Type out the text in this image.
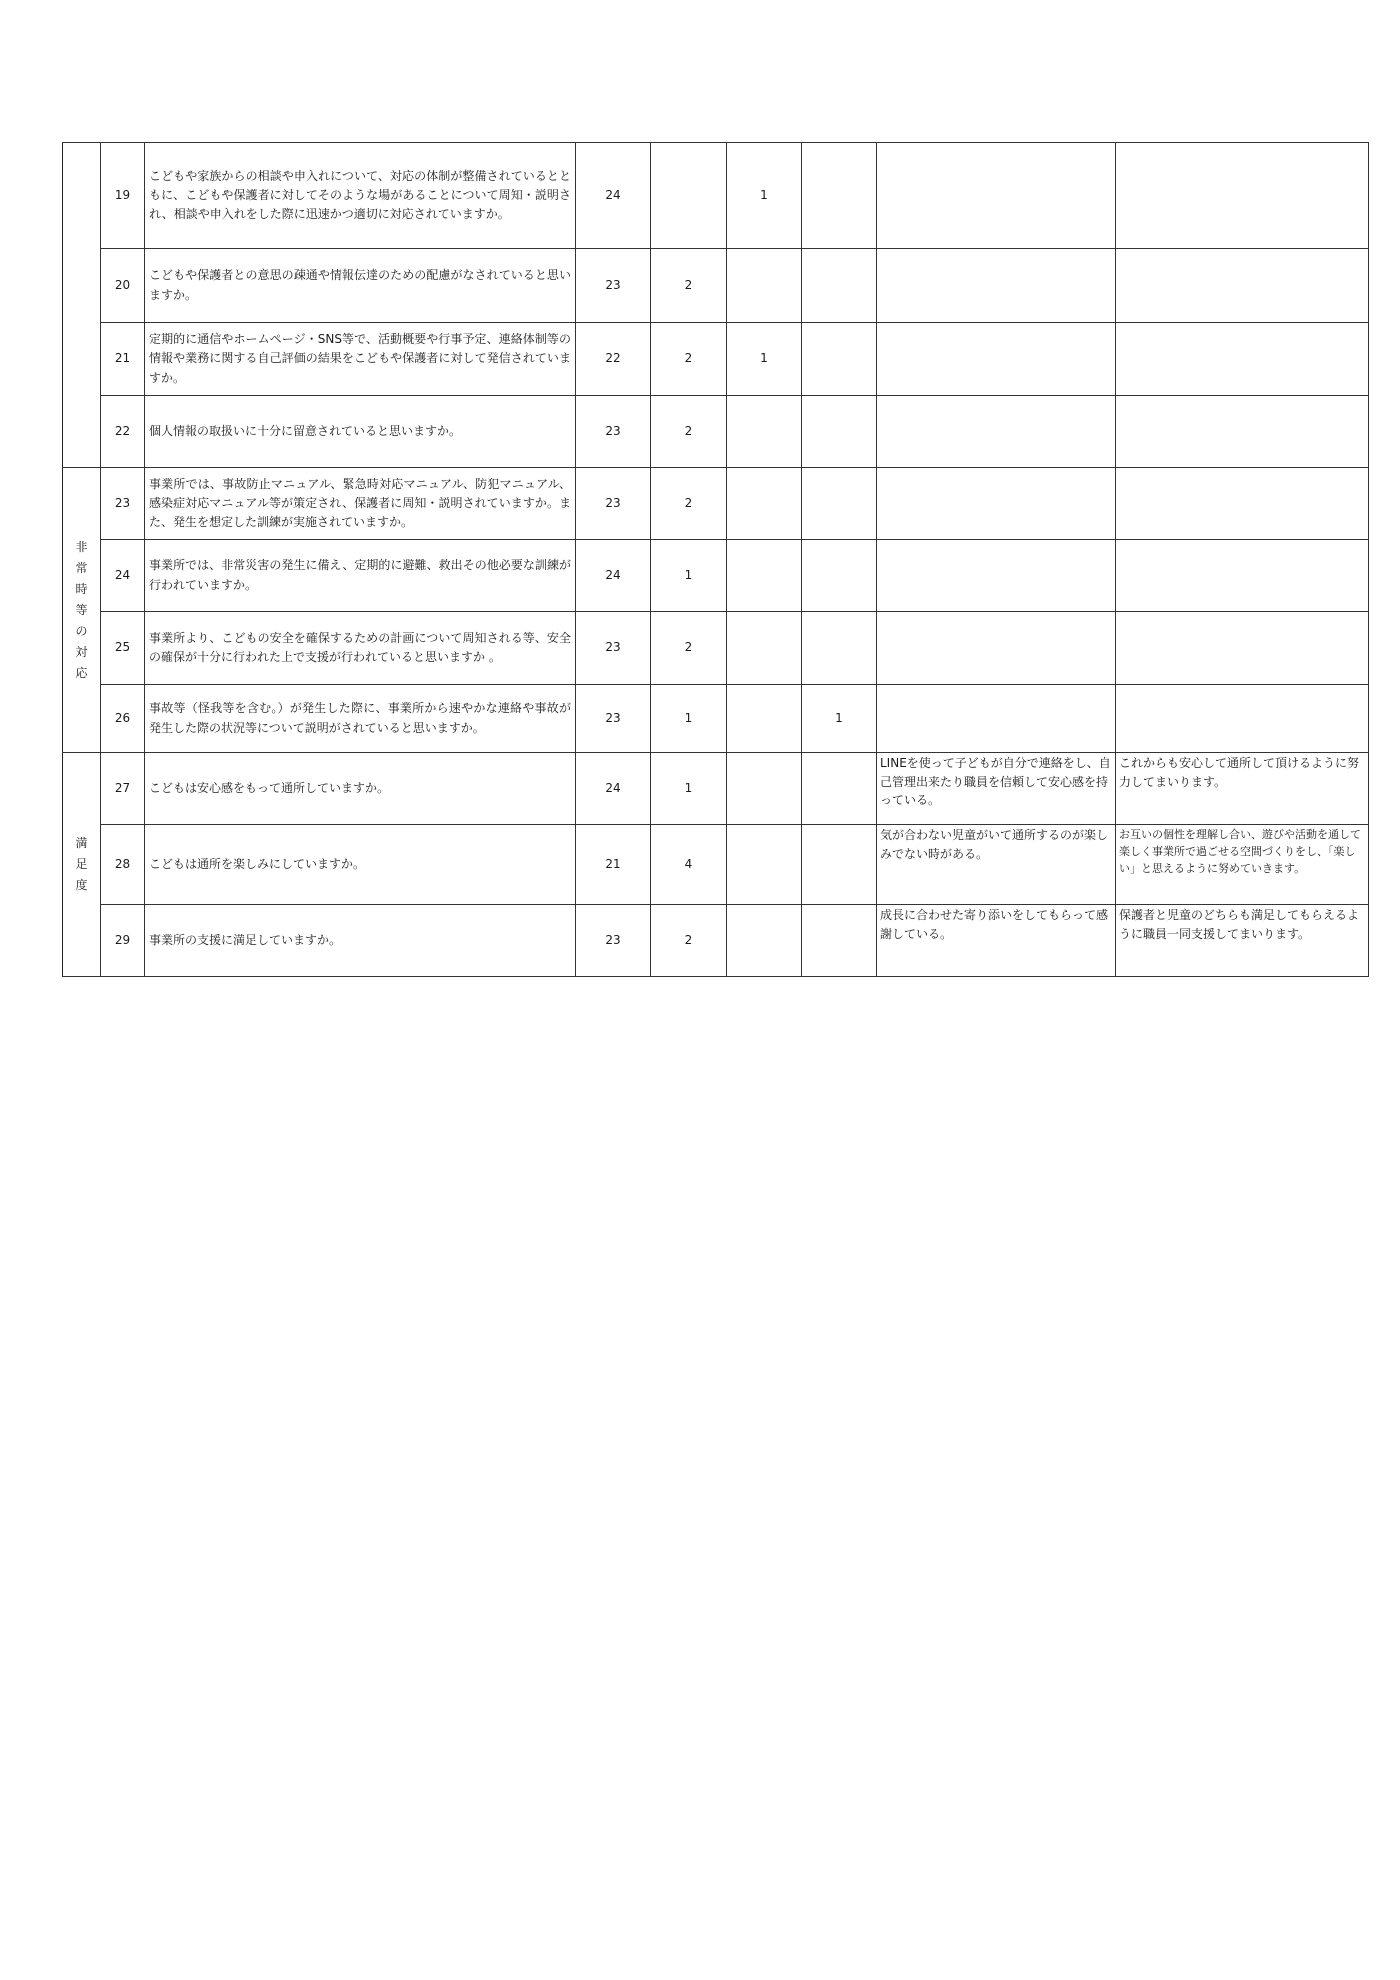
	19	こどもや家族からの相談や申入れについて、対応の体制が整備されているとともに、こどもや保護者に対してそのような場があることについて周知・説明され、相談や申入れをした際に迅速かつ適切に対応されていますか。	24		1			
	20	こどもや保護者との意思の疎通や情報伝達のための配慮がなされていると思いますか。	23	2				
	21	定期的に通信やホームページ・SNS等で、活動概要や行事予定、連絡体制等の情報や業務に関する自己評価の結果をこどもや保護者に対して発信されていますか。	22	2	1			
	22	個人情報の取扱いに十分に留意されていると思いますか。	23	2				
非常時等の対応	23	事業所では、事故防止マニュアル、緊急時対応マニュアル、防犯マニュアル、感染症対応マニュアル等が策定され、保護者に周知・説明されていますか。また、発生を想定した訓練が実施されていますか。	23	2				
	24	事業所では、非常災害の発生に備え、定期的に避難、救出その他必要な訓練が行われていますか。	24	1				
	25	事業所より、こどもの安全を確保するための計画について周知される等、安全の確保が十分に行われた上で支援が行われていると思いますか 。	23	2				
	26	事故等（怪我等を含む。）が発生した際に、事業所から速やかな連絡や事故が発生した際の状況等について説明がされていると思いますか。	23	1		1		
満足度	27	こどもは安心感をもって通所していますか。	24	1			LINEを使って子どもが自分で連絡をし、自己管理出来たり職員を信頼して安心感を持っている。	これからも安心して通所して頂けるように努力してまいります。
	28	こどもは通所を楽しみにしていますか。	21	4			気が合わない児童がいて通所するのが楽しみでない時がある。	お互いの個性を理解し合い、遊びや活動を通して楽しく事業所で過ごせる空間づくりをし、「楽しい」と思えるように努めていきます。
	29	事業所の支援に満足していますか。	23	2			成長に合わせた寄り添いをしてもらって感謝している。	保護者と児童のどちらも満足してもらえるように職員一同支援してまいります。
